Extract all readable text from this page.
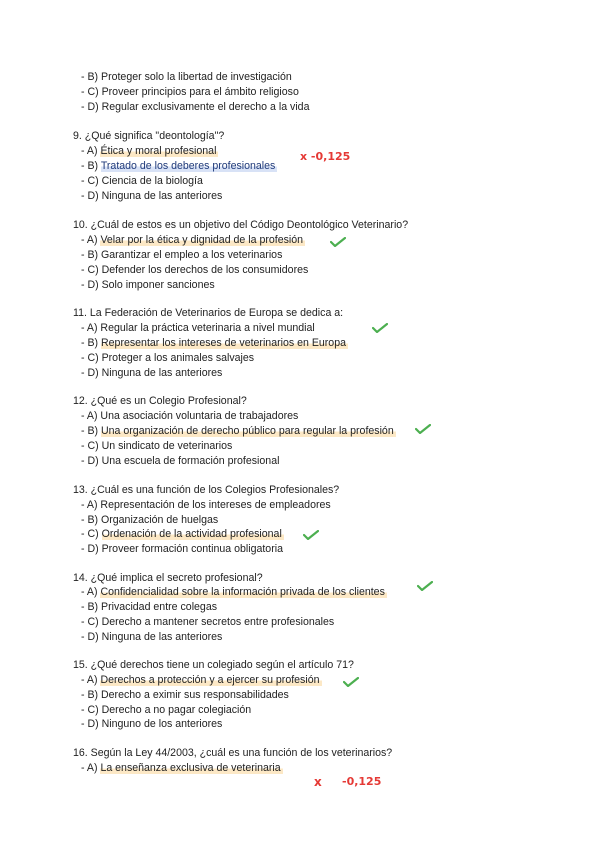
- B) Proteger solo la libertad de investigación
- C) Proveer principios para el ámbito religioso
- D) Regular exclusivamente el derecho a la vida
9. ¿Qué significa "deontología"?
- A) Ética y moral profesional
- B) Tratado de los deberes profesionales
- C) Ciencia de la biología
- D) Ninguna de las anteriores
x -0,125
10. ¿Cuál de estos es un objetivo del Código Deontológico Veterinario?
- A) Velar por la ética y dignidad de la profesión
- B) Garantizar el empleo a los veterinarios
- C) Defender los derechos de los consumidores
- D) Solo imponer sanciones
11. La Federación de Veterinarios de Europa se dedica a:
- A) Regular la práctica veterinaria a nivel mundial
- B) Representar los intereses de veterinarios en Europa
- C) Proteger a los animales salvajes
- D) Ninguna de las anteriores
12. ¿Qué es un Colegio Profesional?
- A) Una asociación voluntaria de trabajadores
- B) Una organización de derecho público para regular la profesión
- C) Un sindicato de veterinarios
- D) Una escuela de formación profesional
13. ¿Cuál es una función de los Colegios Profesionales?
- A) Representación de los intereses de empleadores
- B) Organización de huelgas
- C) Ordenación de la actividad profesional
- D) Proveer formación continua obligatoria
14. ¿Qué implica el secreto profesional?
- A) Confidencialidad sobre la información privada de los clientes
- B) Privacidad entre colegas
- C) Derecho a mantener secretos entre profesionales
- D) Ninguna de las anteriores
15. ¿Qué derechos tiene un colegiado según el artículo 71?
- A) Derechos a protección y a ejercer su profesión
- B) Derecho a eximir sus responsabilidades
- C) Derecho a no pagar colegiación
- D) Ninguno de los anteriores
16. Según la Ley 44/2003, ¿cuál es una función de los veterinarios?
- A) La enseñanza exclusiva de veterinaria
x -0,125
